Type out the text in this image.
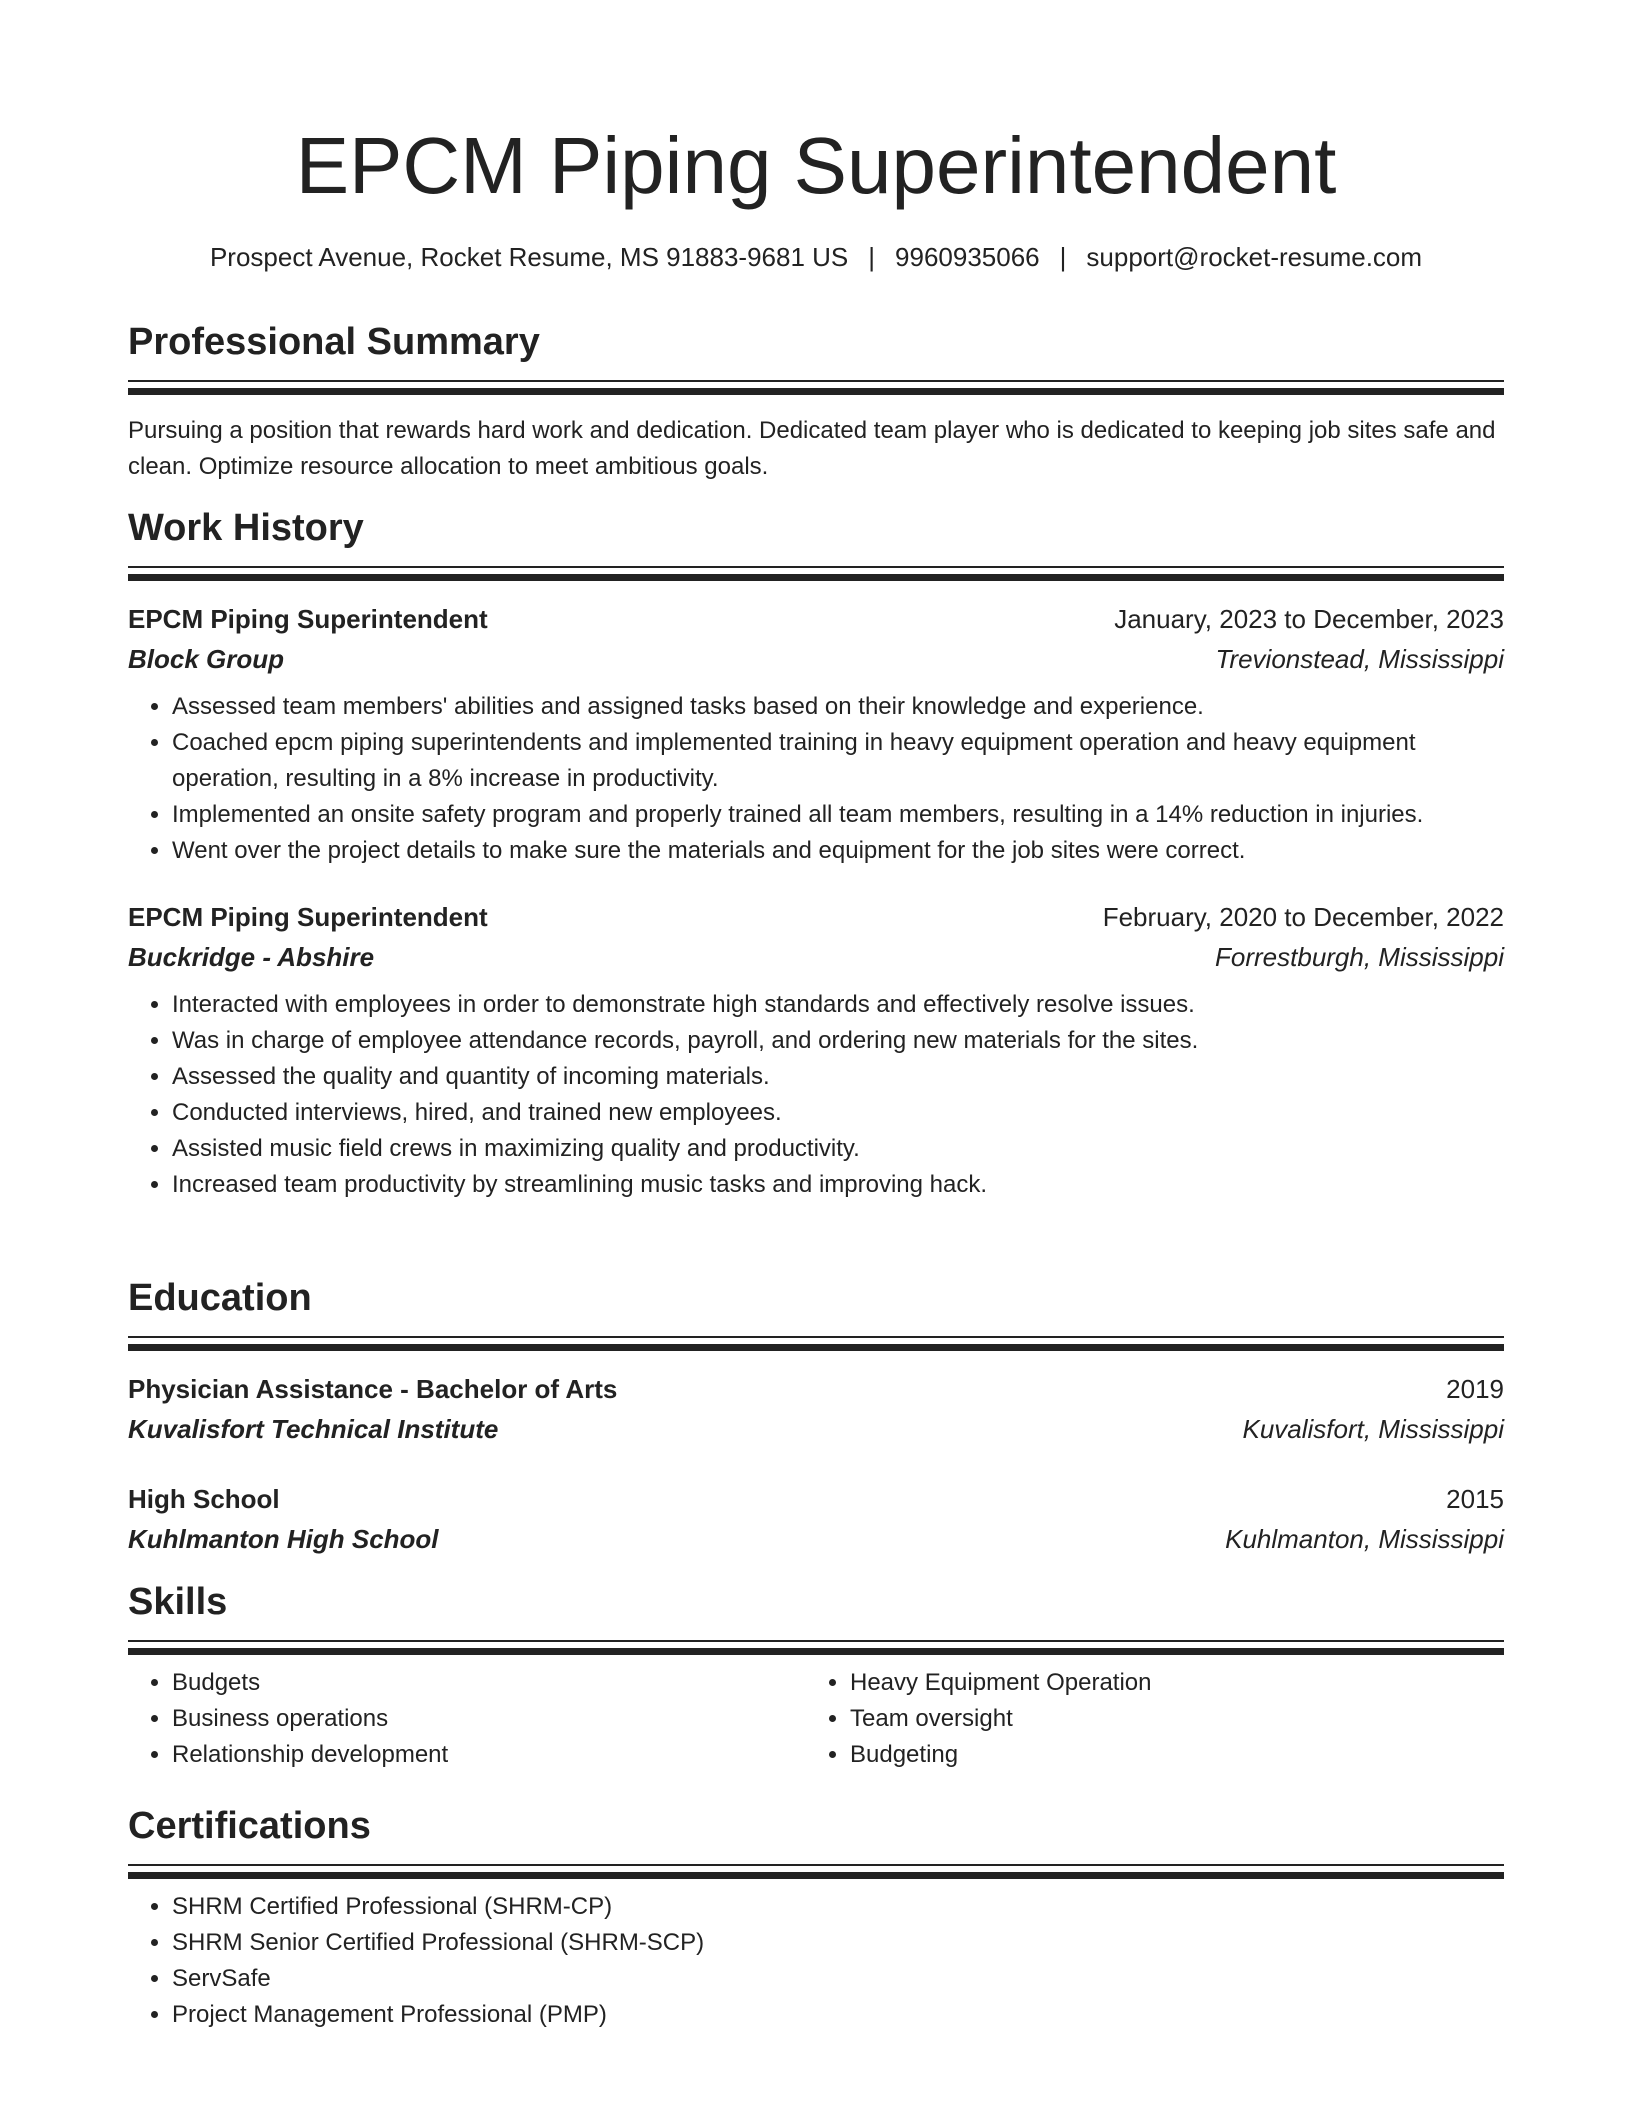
EPCM Piping Superintendent
Prospect Avenue, Rocket Resume, MS 91883-9681 US | 9960935066 | support@rocket-resume.com
Professional Summary

Pursuing a position that rewards hard work and dedication. Dedicated team player who is dedicated to keeping job sites safe and clean. Optimize resource allocation to meet ambitious goals.

Work History
EPCM Piping Superintendent	January, 2023 to December, 2023
Block Group	Trevionstead, Mississippi
• Assessed team members' abilities and assigned tasks based on their knowledge and experience.
• Coached epcm piping superintendents and implemented training in heavy equipment operation and heavy equipment operation, resulting in a 8% increase in productivity.
• Implemented an onsite safety program and properly trained all team members, resulting in a 14% reduction in injuries.
• Went over the project details to make sure the materials and equipment for the job sites were correct.
EPCM Piping Superintendent	February, 2020 to December, 2022
Buckridge - Abshire	Forrestburgh, Mississippi
• Interacted with employees in order to demonstrate high standards and effectively resolve issues.
• Was in charge of employee attendance records, payroll, and ordering new materials for the sites.
• Assessed the quality and quantity of incoming materials.
• Conducted interviews, hired, and trained new employees.
• Assisted music field crews in maximizing quality and productivity.
• Increased team productivity by streamlining music tasks and improving hack.
Education
Physician Assistance - Bachelor of Arts	2019
Kuvalisfort Technical Institute	Kuvalisfort, Mississippi
High School	2015
Kuhlmanton High School	Kuhlmanton, Mississippi
Skills
• Budgets
• Business operations
• Relationship development
• Heavy Equipment Operation
• Team oversight
• Budgeting
Certifications
• SHRM Certified Professional (SHRM-CP)
• SHRM Senior Certified Professional (SHRM-SCP)
• ServSafe
• Project Management Professional (PMP)
